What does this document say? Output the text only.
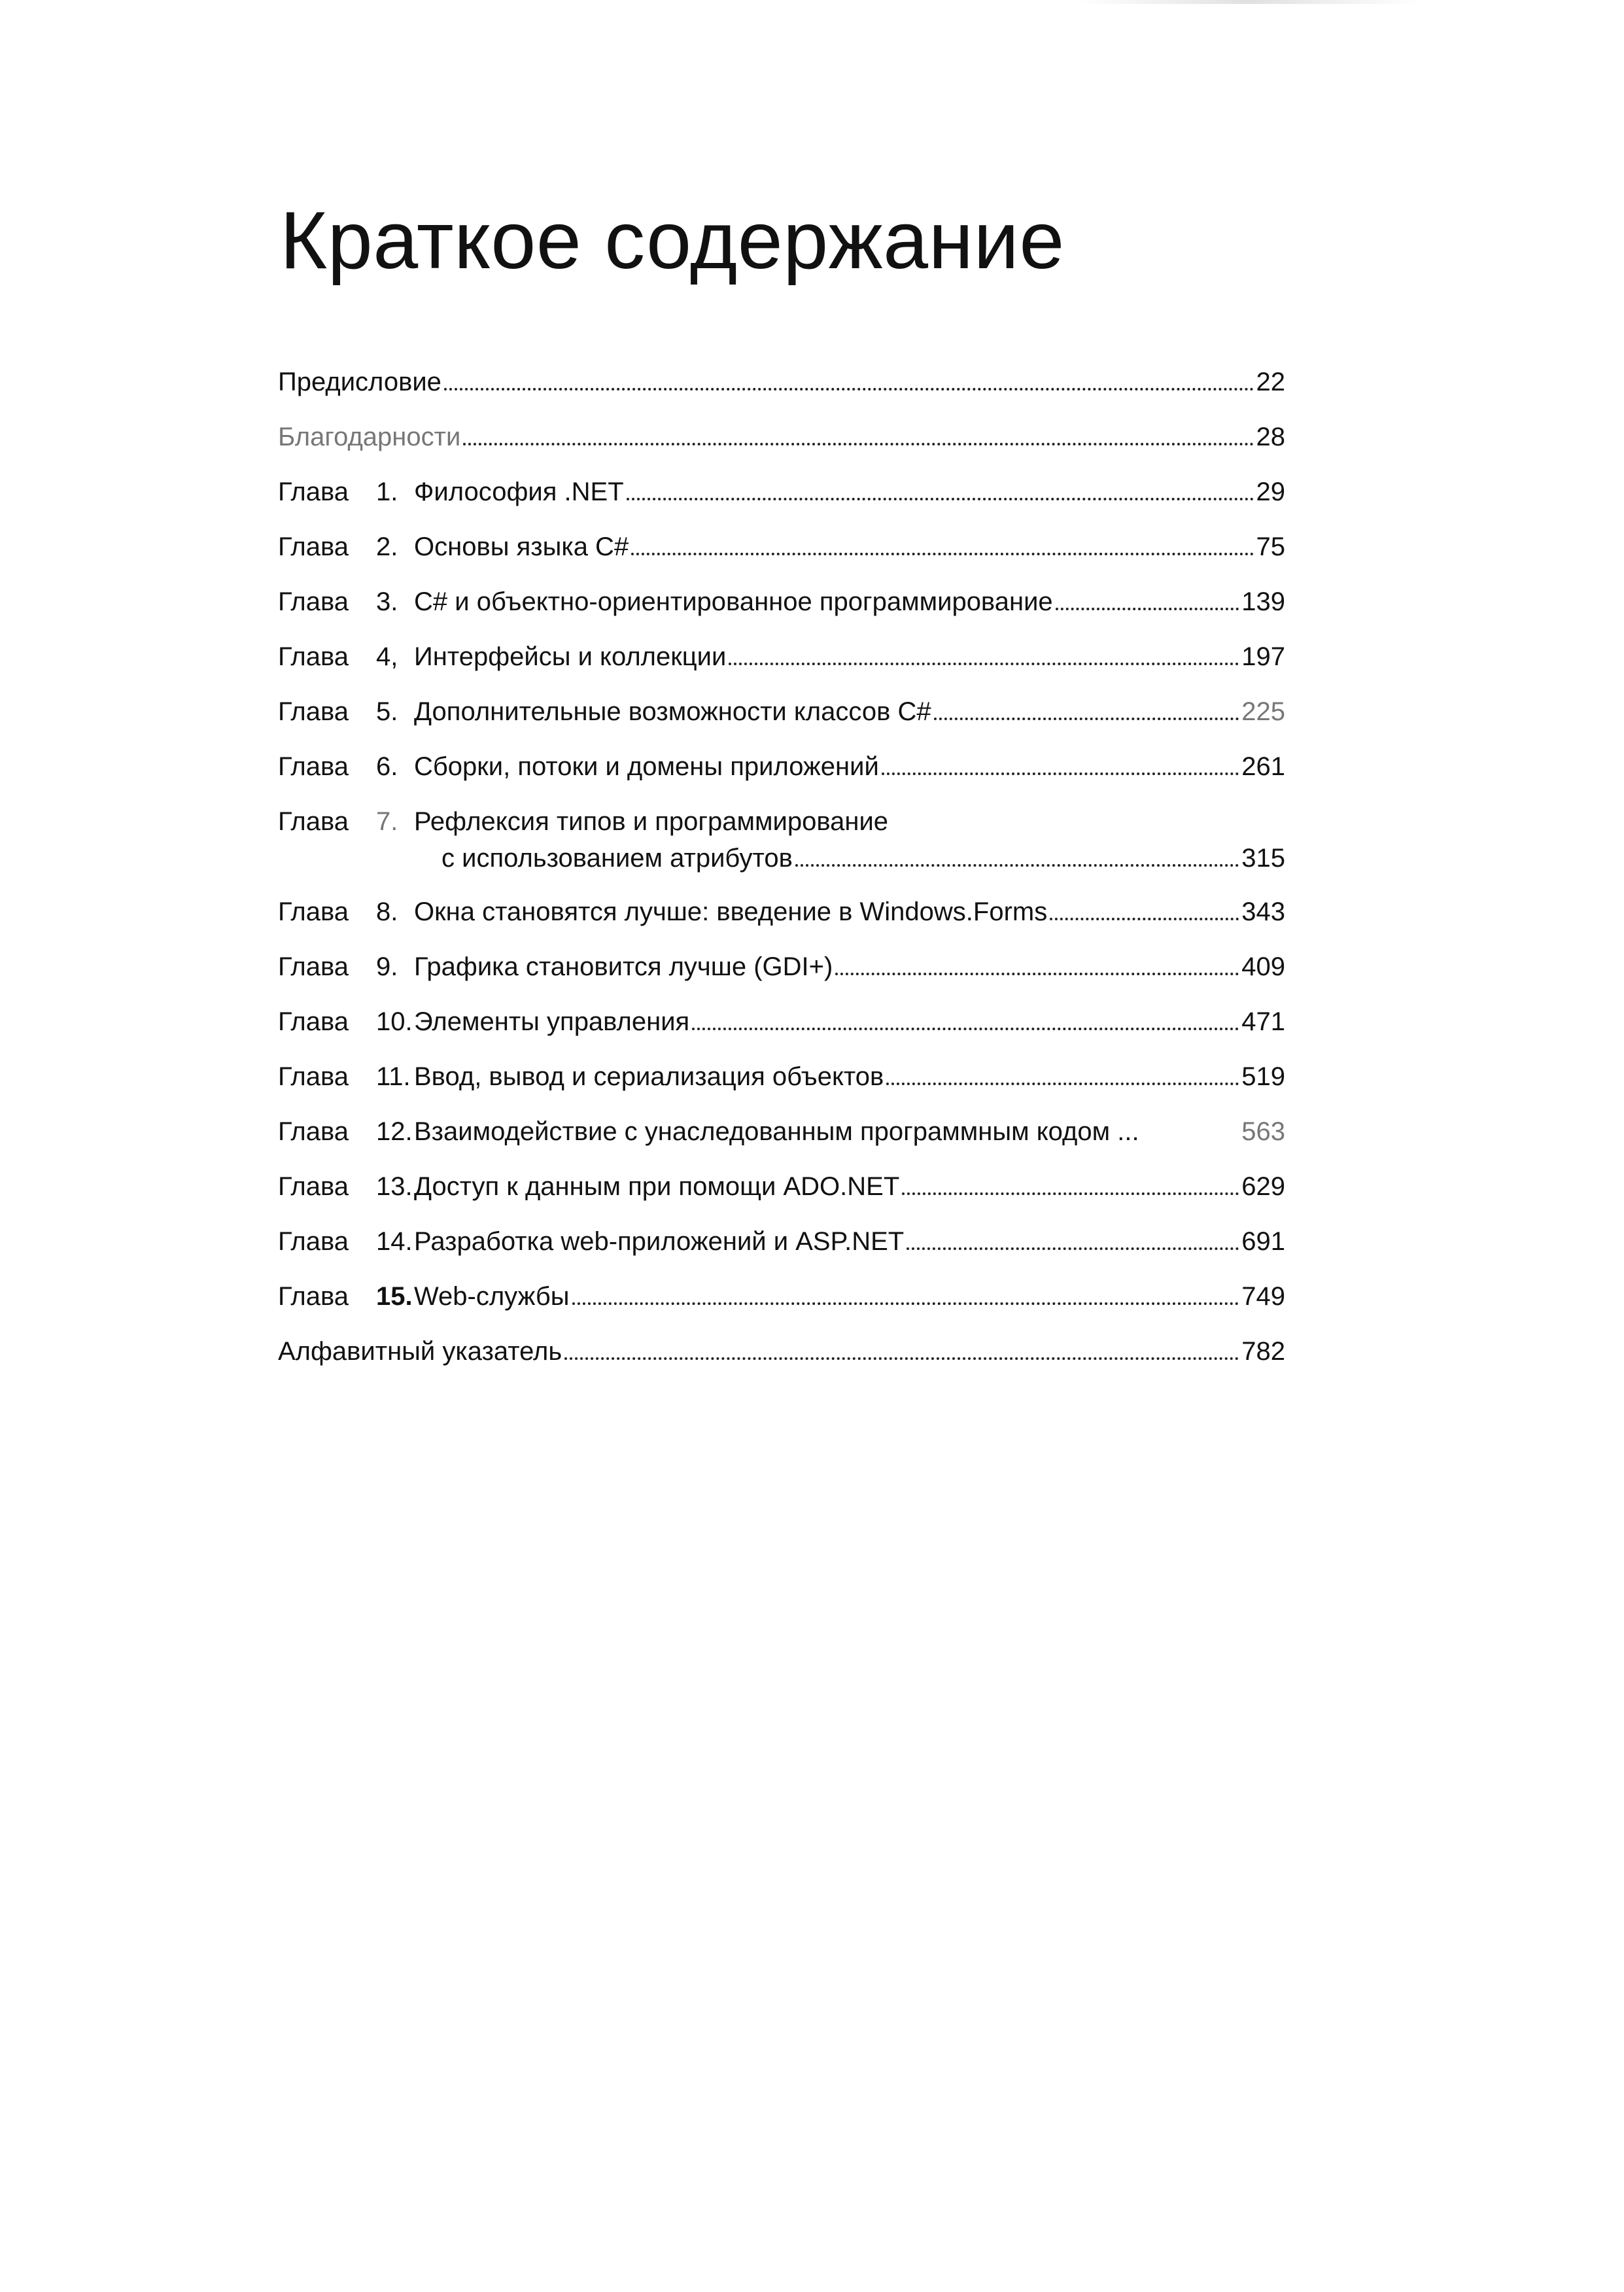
Краткое содержание
Предисловие	22
Благодарности	28
Глава	1. Философия .NET	29
Глава	2. Основы языка C#	75
Глава	3. C# и объектно-ориентированное программирование	139
Глава	4, Интерфейсы и коллекции	197
Глава	5. Дополнительные возможности классов C#	225
Глава	6. Сборки, потоки и домены приложений	261
Глава	7. Рефлексия типов и программирование
с использованием атрибутов	315
Глава	8. Окна становятся лучше: введение в Windows.Forms	343
Глава	9. Графика становится лучше (GDI+)	409
Глава	10. Элементы управления	471
Глава	11. Ввод, вывод и сериализация объектов	519
Глава	12. Взаимодействие с унаследованным программным кодом ...	563
Глава	13. Доступ к данным при помощи ADO.NET	629
Глава	14. Разработка web-приложений и ASP.NET	691
Глава	15. Web-службы	749
Алфавитный указатель	782
